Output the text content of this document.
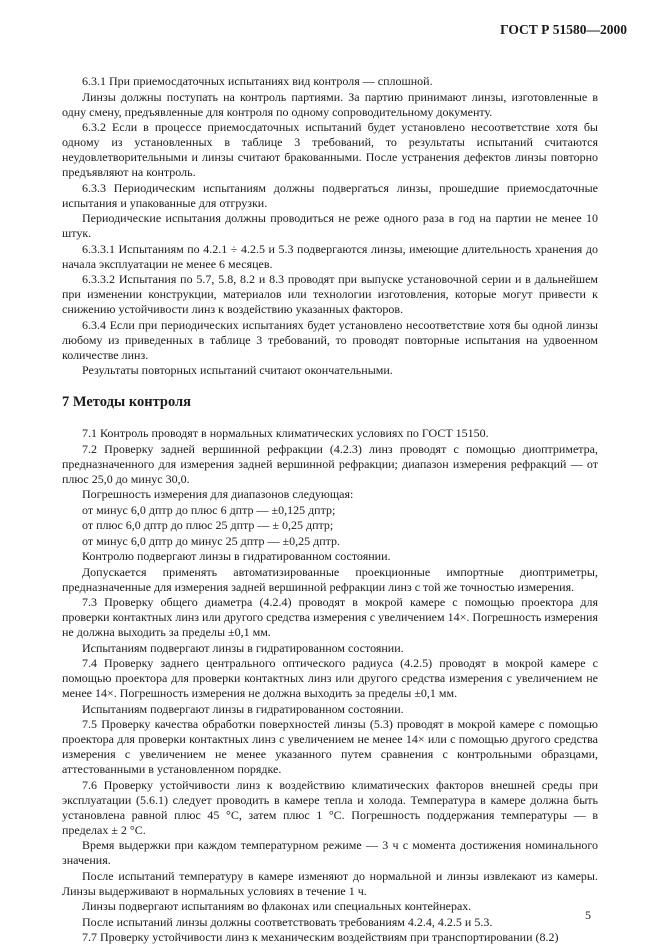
ГОСТ Р 51580—2000

6.3.1 При приемосдаточных испытаниях вид контроля — сплошной.

Линзы должны поступать на контроль партиями. За партию принимают линзы, изготовленные в одну смену, предъявленные для контроля по одному сопроводительному документу.

6.3.2 Если в процессе приемосдаточных испытаний будет установлено несоответствие хотя бы одному из установленных в таблице 3 требований, то результаты испытаний считаются неудовлетворительными и линзы считают бракованными. После устранения дефектов линзы повторно предъявляют на контроль.

6.3.3 Периодическим испытаниям должны подвергаться линзы, прошедшие приемосдаточные испытания и упакованные для отгрузки.

Периодические испытания должны проводиться не реже одного раза в год на партии не менее 10 штук.

6.3.3.1 Испытаниям по 4.2.1 ÷ 4.2.5 и 5.3 подвергаются линзы, имеющие длительность хранения до начала эксплуатации не менее 6 месяцев.

6.3.3.2 Испытания по 5.7, 5.8, 8.2 и 8.3 проводят при выпуске установочной серии и в дальнейшем при изменении конструкции, материалов или технологии изготовления, которые могут привести к снижению устойчивости линз к воздействию указанных факторов.

6.3.4 Если при периодических испытаниях будет установлено несоответствие хотя бы одной линзы любому из приведенных в таблице 3 требований, то проводят повторные испытания на удвоенном количестве линз.

Результаты повторных испытаний считают окончательными.

7 Методы контроля

7.1 Контроль проводят в нормальных климатических условиях по ГОСТ 15150.

7.2 Проверку задней вершинной рефракции (4.2.3) линз проводят с помощью диоптриметра, предназначенного для измерения задней вершинной рефракции; диапазон измерения рефракций — от плюс 25,0 до минус 30,0.

Погрешность измерения для диапазонов следующая:

от минус 6,0 дптр до плюс 6 дптр — ±0,125 дптр;

от плюс 6,0 дптр до плюс 25 дптр — ± 0,25 дптр;

от минус 6,0 дптр до минус 25 дптр — ±0,25 дптр.

Контролю подвергают линзы в гидратированном состоянии.

Допускается применять автоматизированные проекционные импортные диоптриметры, предназначенные для измерения задней вершинной рефракции линз с той же точностью измерения.

7.3 Проверку общего диаметра (4.2.4) проводят в мокрой камере с помощью проектора для проверки контактных линз или другого средства измерения с увеличением 14×. Погрешность измерения не должна выходить за пределы ±0,1 мм.

Испытаниям подвергают линзы в гидратированном состоянии.

7.4 Проверку заднего центрального оптического радиуса (4.2.5) проводят в мокрой камере с помощью проектора для проверки контактных линз или другого средства измерения с увеличением не менее 14×. Погрешность измерения не должна выходить за пределы ±0,1 мм.

Испытаниям подвергают линзы в гидратированном состоянии.

7.5 Проверку качества обработки поверхностей линзы (5.3) проводят в мокрой камере с помощью проектора для проверки контактных линз с увеличением не менее 14× или с помощью другого средства измерения с увеличением не менее указанного путем сравнения с контрольными образцами, аттестованными в установленном порядке.

7.6 Проверку устойчивости линз к воздействию климатических факторов внешней среды при эксплуатации (5.6.1) следует проводить в камере тепла и холода. Температура в камере должна быть установлена равной плюс 45 °С, затем плюс 1 °С. Погрешность поддержания температуры — в пределах ± 2 °С.

Время выдержки при каждом температурном режиме — 3 ч с момента достижения номинального значения.

После испытаний температуру в камере изменяют до нормальной и линзы извлекают из камеры. Линзы выдерживают в нормальных условиях в течение 1 ч.

Линзы подвергают испытаниям во флаконах или специальных контейнерах.

После испытаний линзы должны соответствовать требованиям 4.2.4, 4.2.5 и 5.3.

7.7 Проверку устойчивости линз к механическим воздействиям при транспортировании (8.2)

5
